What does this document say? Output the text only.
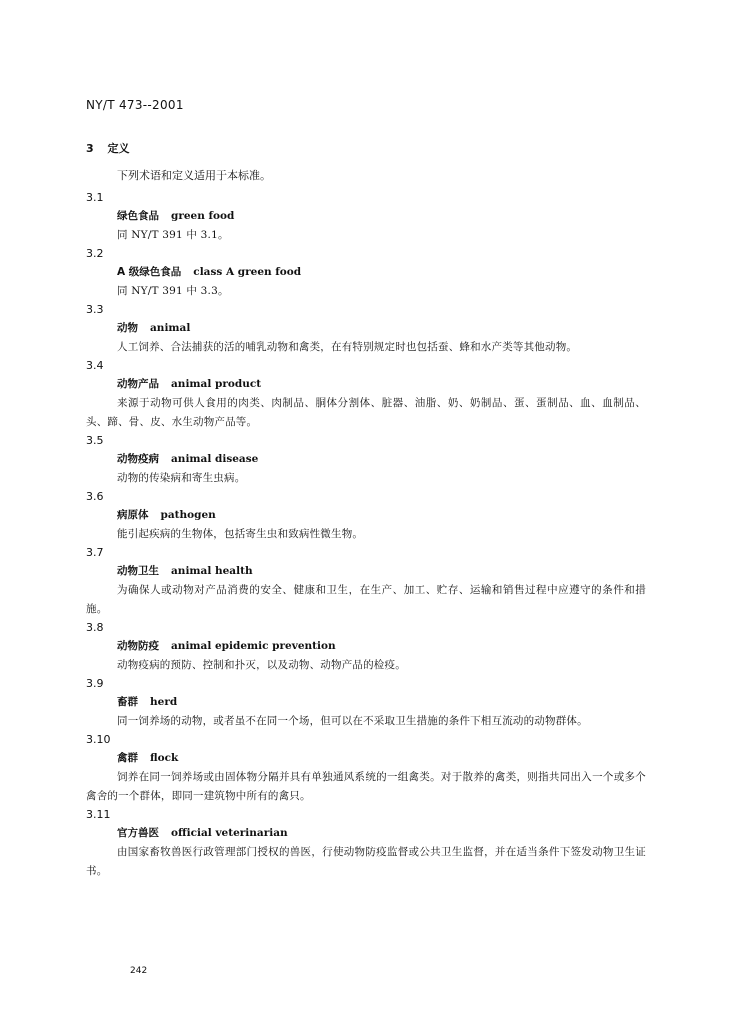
NY/T 473--2001
3 定义
下列术语和定义适用于本标准。
3.1
绿色食品 green food
同 NY/T 391 中 3.1。
3.2
A 级绿色食品 class A green food
同 NY/T 391 中 3.3。
3.3
动物 animal
人工饲养、合法捕获的活的哺乳动物和禽类，在有特别规定时也包括蚕、蜂和水产类等其他动物。
3.4
动物产品 animal product
来源于动物可供人食用的肉类、肉制品、胴体分割体、脏器、油脂、奶、奶制品、蛋、蛋制品、血、血制品、头、蹄、骨、皮、水生动物产品等。
3.5
动物疫病 animal disease
动物的传染病和寄生虫病。
3.6
病原体 pathogen
能引起疾病的生物体，包括寄生虫和致病性微生物。
3.7
动物卫生 animal health
为确保人或动物对产品消费的安全、健康和卫生，在生产、加工、贮存、运输和销售过程中应遵守的条件和措施。
3.8
动物防疫 animal epidemic prevention
动物疫病的预防、控制和扑灭，以及动物、动物产品的检疫。
3.9
畜群 herd
同一饲养场的动物，或者虽不在同一个场，但可以在不采取卫生措施的条件下相互流动的动物群体。
3.10
禽群 flock
饲养在同一饲养场或由固体物分隔并具有单独通风系统的一组禽类。对于散养的禽类，则指共同出入一个或多个禽舍的一个群体，即同一建筑物中所有的禽只。
3.11
官方兽医 official veterinarian
由国家畜牧兽医行政管理部门授权的兽医，行使动物防疫监督或公共卫生监督，并在适当条件下签发动物卫生证书。
242
